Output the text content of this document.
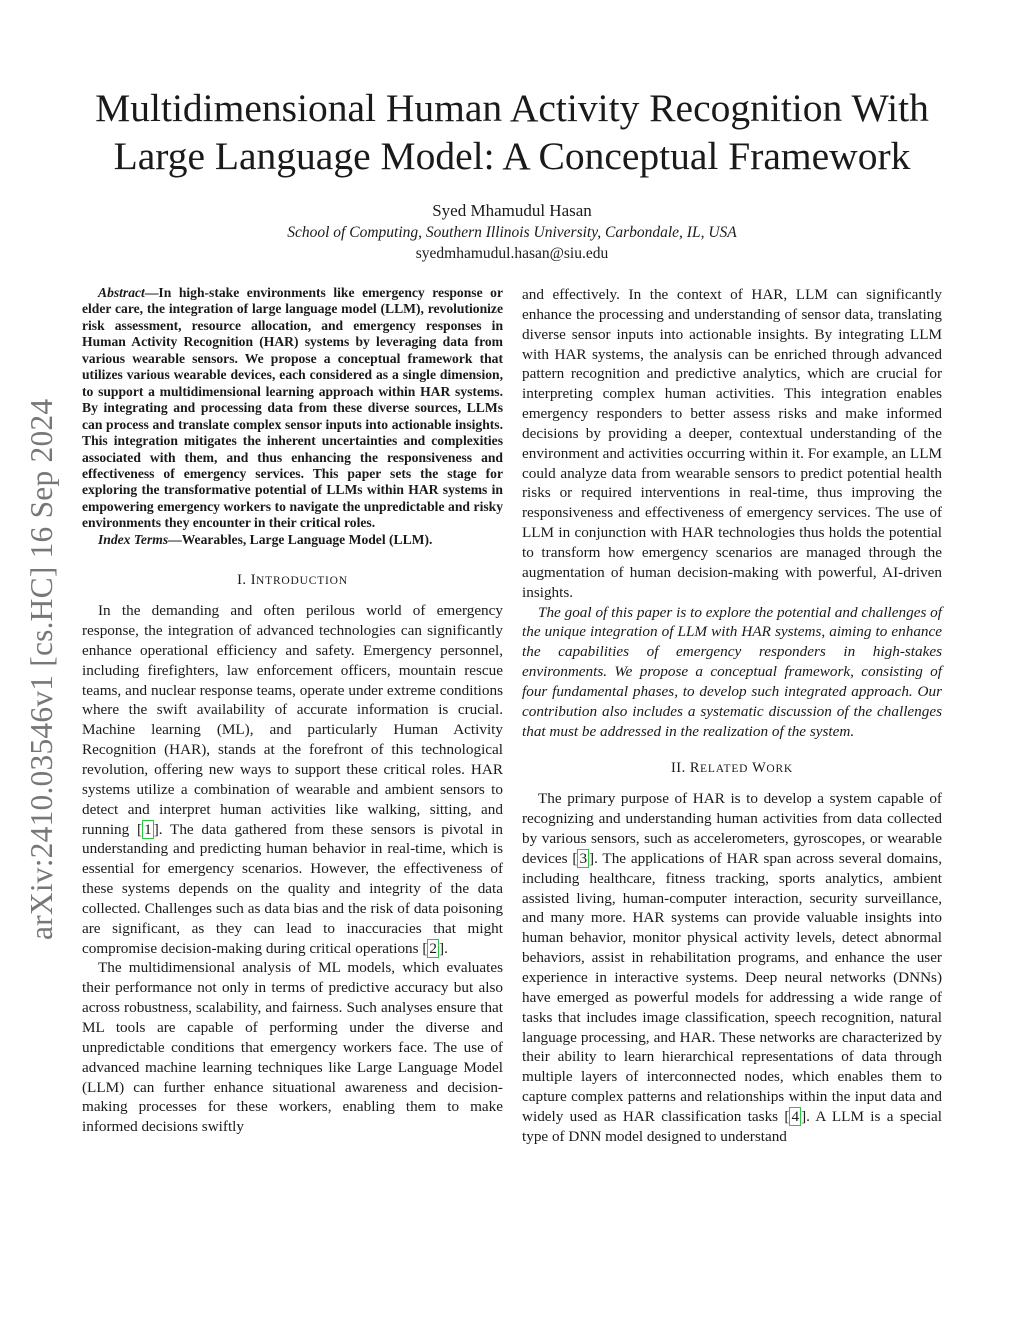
arXiv:2410.03546v1 [cs.HC] 16 Sep 2024
Multidimensional Human Activity Recognition With Large Language Model: A Conceptual Framework
Syed Mhamudul Hasan
School of Computing, Southern Illinois University, Carbondale, IL, USA
syedmhamudul.hasan@siu.edu

Abstract—In high-stake environments like emergency response or elder care, the integration of large language model (LLM), revolutionize risk assessment, resource allocation, and emergency responses in Human Activity Recognition (HAR) systems by leveraging data from various wearable sensors. We propose a conceptual framework that utilizes various wearable devices, each considered as a single dimension, to support a multidimensional learning approach within HAR systems. By integrating and processing data from these diverse sources, LLMs can process and translate complex sensor inputs into actionable insights. This integration mitigates the inherent uncertainties and complexities associated with them, and thus enhancing the responsiveness and effectiveness of emergency services. This paper sets the stage for exploring the transformative potential of LLMs within HAR systems in empowering emergency workers to navigate the unpredictable and risky environments they encounter in their critical roles.

Index Terms—Wearables, Large Language Model (LLM).

I. INTRODUCTION

In the demanding and often perilous world of emergency response, the integration of advanced technologies can significantly enhance operational efficiency and safety. Emergency personnel, including firefighters, law enforcement officers, mountain rescue teams, and nuclear response teams, operate under extreme conditions where the swift availability of accurate information is crucial. Machine learning (ML), and particularly Human Activity Recognition (HAR), stands at the forefront of this technological revolution, offering new ways to support these critical roles. HAR systems utilize a combination of wearable and ambient sensors to detect and interpret human activities like walking, sitting, and running [ 1 ]. The data gathered from these sensors is pivotal in understanding and predicting human behavior in real-time, which is essential for emergency scenarios. However, the effectiveness of these systems depends on the quality and integrity of the data collected. Challenges such as data bias and the risk of data poisoning are significant, as they can lead to inaccuracies that might compromise decision-making during critical operations [ 2 ].

The multidimensional analysis of ML models, which evaluates their performance not only in terms of predictive accuracy but also across robustness, scalability, and fairness. Such analyses ensure that ML tools are capable of performing under the diverse and unpredictable conditions that emergency workers face. The use of advanced machine learning techniques like Large Language Model (LLM) can further enhance situational awareness and decision-making processes for these workers, enabling them to make informed decisions swiftly

and effectively. In the context of HAR, LLM can significantly enhance the processing and understanding of sensor data, translating diverse sensor inputs into actionable insights. By integrating LLM with HAR systems, the analysis can be enriched through advanced pattern recognition and predictive analytics, which are crucial for interpreting complex human activities. This integration enables emergency responders to better assess risks and make informed decisions by providing a deeper, contextual understanding of the environment and activities occurring within it. For example, an LLM could analyze data from wearable sensors to predict potential health risks or required interventions in real-time, thus improving the responsiveness and effectiveness of emergency services. The use of LLM in conjunction with HAR technologies thus holds the potential to transform how emergency scenarios are managed through the augmentation of human decision-making with powerful, AI-driven insights.

The goal of this paper is to explore the potential and challenges of the unique integration of LLM with HAR systems, aiming to enhance the capabilities of emergency responders in high-stakes environments. We propose a conceptual framework, consisting of four fundamental phases, to develop such integrated approach. Our contribution also includes a systematic discussion of the challenges that must be addressed in the realization of the system.

II. RELATED WORK

The primary purpose of HAR is to develop a system capable of recognizing and understanding human activities from data collected by various sensors, such as accelerometers, gyroscopes, or wearable devices [ 3 ]. The applications of HAR span across several domains, including healthcare, fitness tracking, sports analytics, ambient assisted living, human-computer interaction, security surveillance, and many more. HAR systems can provide valuable insights into human behavior, monitor physical activity levels, detect abnormal behaviors, assist in rehabilitation programs, and enhance the user experience in interactive systems. Deep neural networks (DNNs) have emerged as powerful models for addressing a wide range of tasks that includes image classification, speech recognition, natural language processing, and HAR. These networks are characterized by their ability to learn hierarchical representations of data through multiple layers of interconnected nodes, which enables them to capture complex patterns and relationships within the input data and widely used as HAR classification tasks [ 4 ]. A LLM is a special type of DNN model designed to understand
